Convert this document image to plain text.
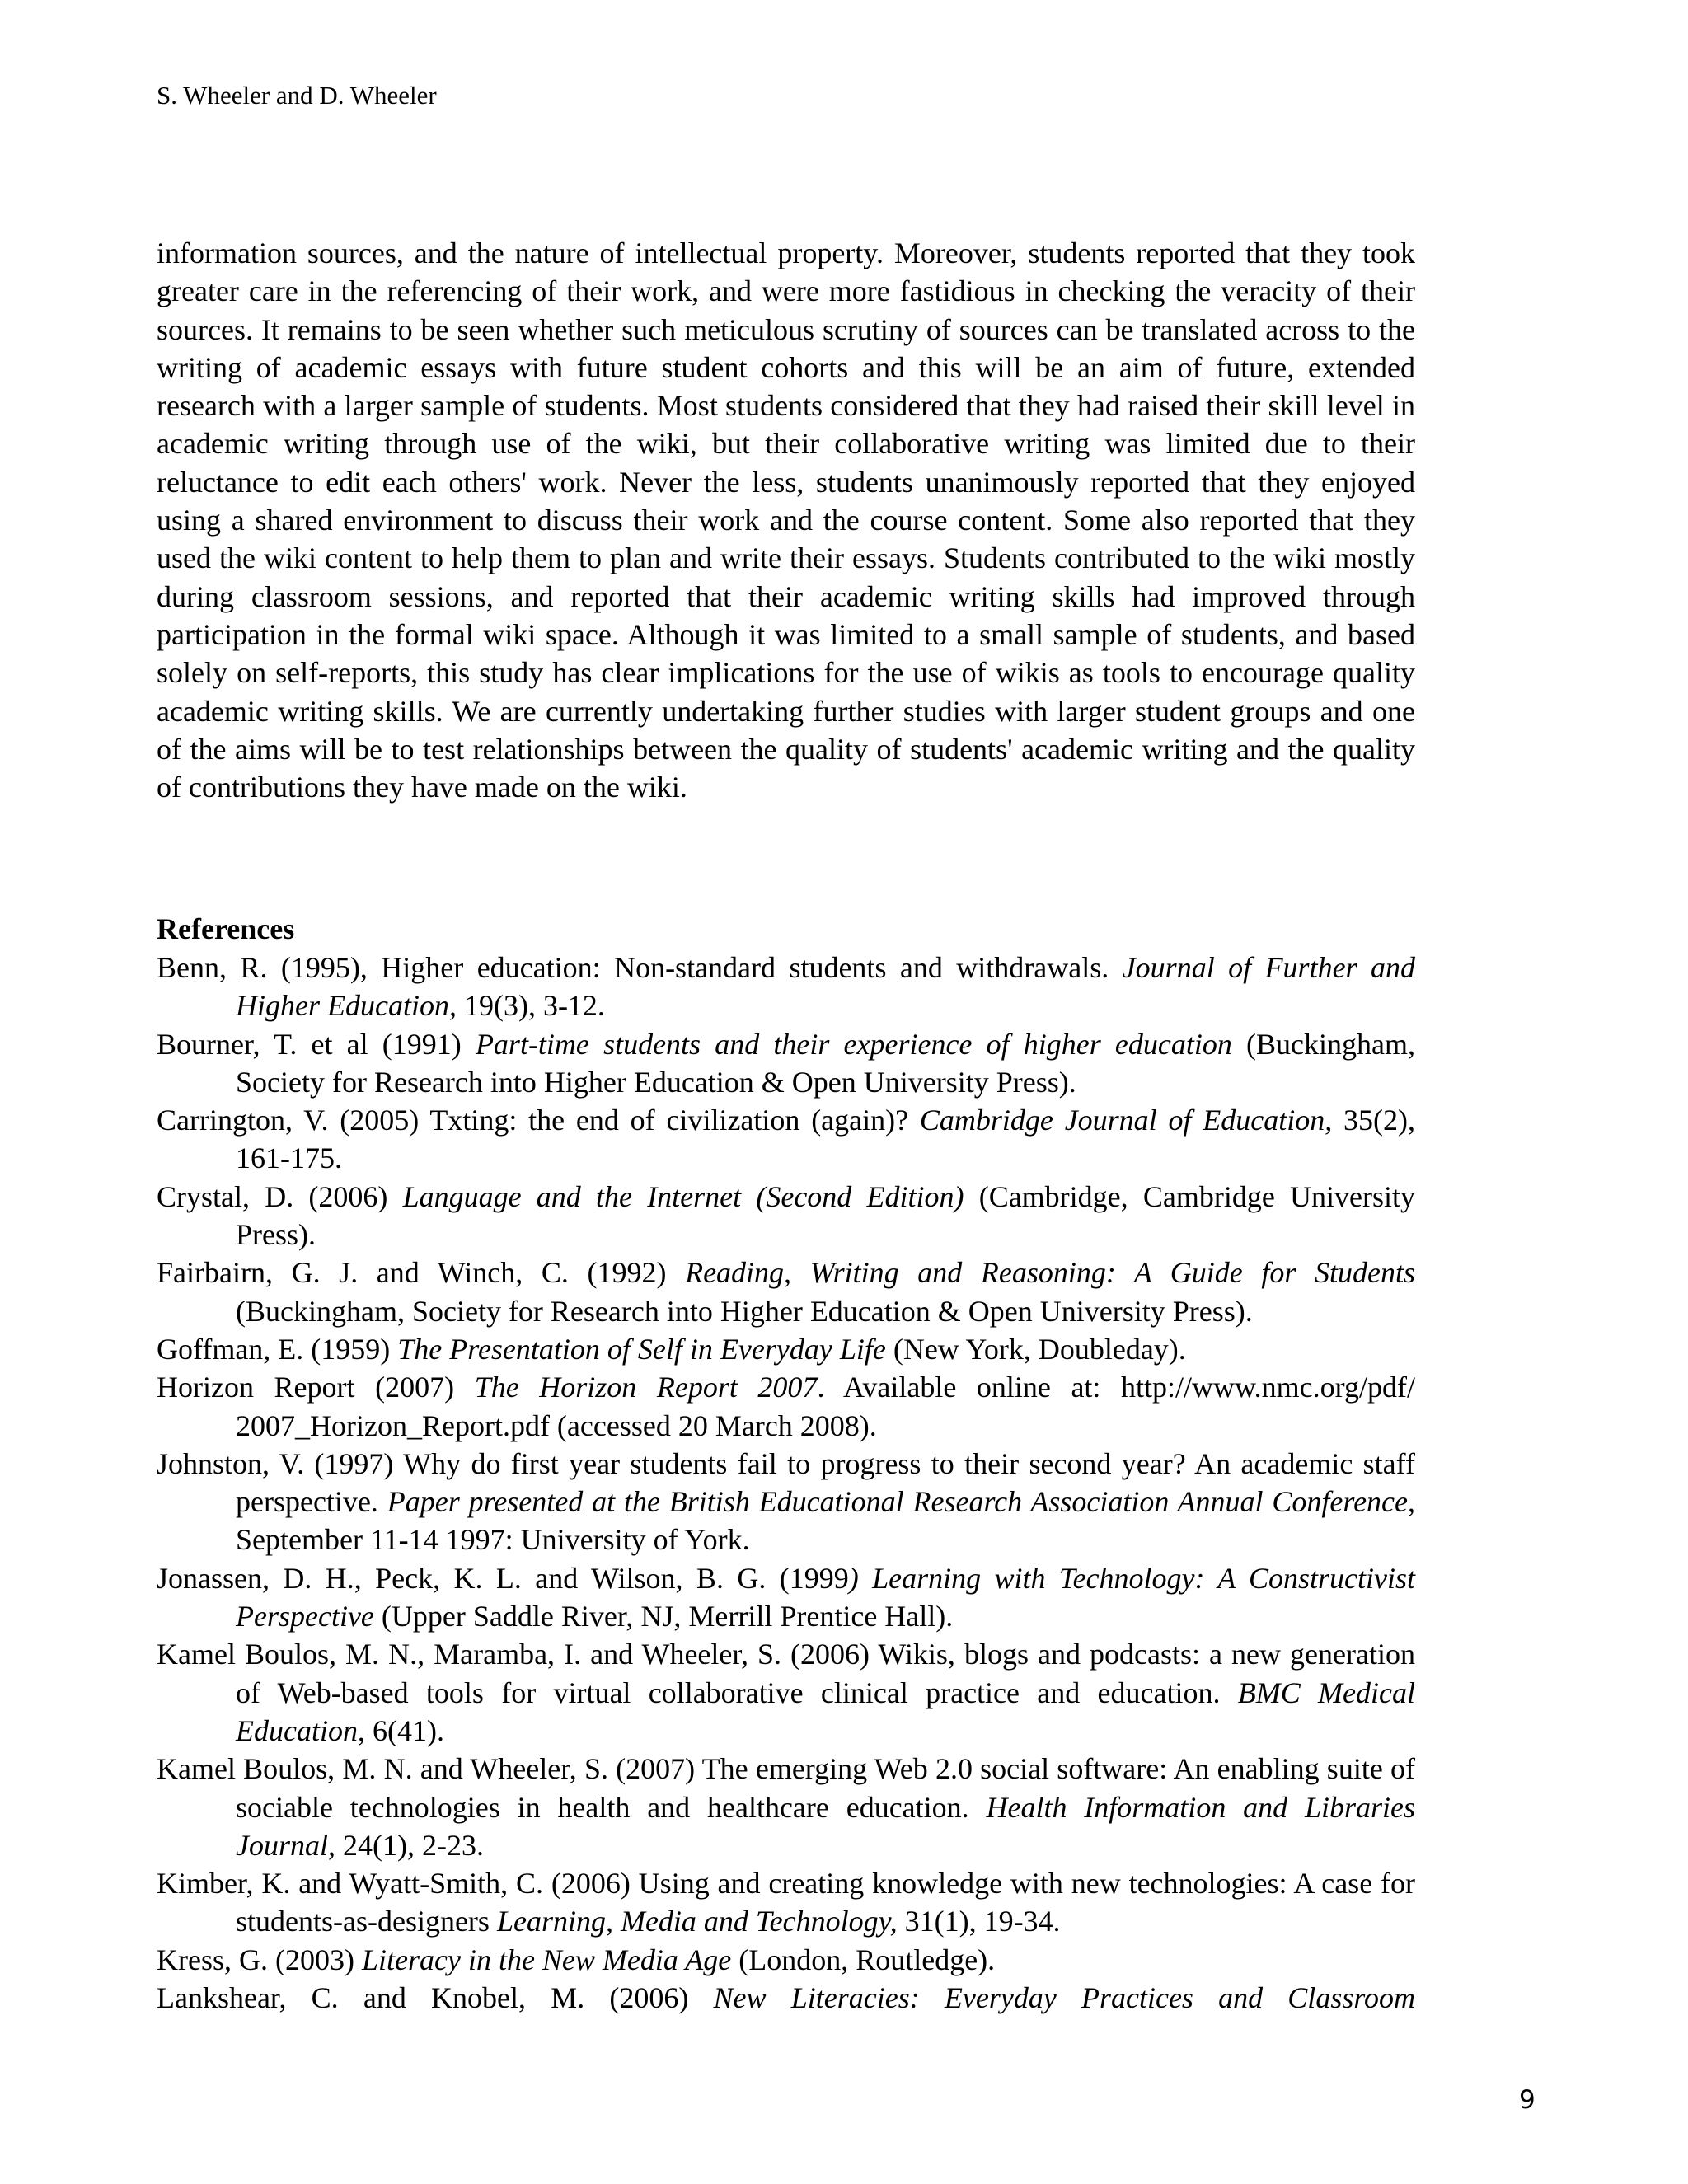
S. Wheeler and D. Wheeler

information sources, and the nature of intellectual property. Moreover, students reported that they took greater care in the referencing of their work, and were more fastidious in checking the veracity of their sources. It remains to be seen whether such meticulous scrutiny of sources can be translated across to the writing of academic essays with future student cohorts and this will be an aim of future, extended research with a larger sample of students. Most students considered that they had raised their skill level in academic writing through use of the wiki, but their collaborative writing was limited due to their reluctance to edit each others' work. Never the less, students unanimously reported that they enjoyed using a shared environment to discuss their work and the course content. Some also reported that they used the wiki content to help them to plan and write their essays. Students contributed to the wiki mostly during classroom sessions, and reported that their academic writing skills had improved through participation in the formal wiki space. Although it was limited to a small sample of students, and based solely on self-reports, this study has clear implications for the use of wikis as tools to encourage quality academic writing skills. We are currently undertaking further studies with larger student groups and one of the aims will be to test relationships between the quality of students' academic writing and the quality of contributions they have made on the wiki.

References
Benn, R. (1995), Higher education: Non-standard students and withdrawals. Journal of Further and Higher Education, 19(3), 3-12.
Bourner, T. et al (1991) Part-time students and their experience of higher education (Buckingham, Society for Research into Higher Education & Open University Press).
Carrington, V. (2005) Txting: the end of civilization (again)? Cambridge Journal of Education, 35(2), 161-175.
Crystal, D. (2006) Language and the Internet (Second Edition) (Cambridge, Cambridge University Press).
Fairbairn, G. J. and Winch, C. (1992) Reading, Writing and Reasoning: A Guide for Students (Buckingham, Society for Research into Higher Education & Open University Press).
Goffman, E. (1959) The Presentation of Self in Everyday Life (New York, Doubleday).
Horizon Report (2007) The Horizon Report 2007. Available online at: http://www.nmc.org/pdf/ 2007_Horizon_Report.pdf (accessed 20 March 2008).
Johnston, V. (1997) Why do first year students fail to progress to their second year? An academic staff perspective. Paper presented at the British Educational Research Association Annual Conference, September 11-14 1997: University of York.
Jonassen, D. H., Peck, K. L. and Wilson, B. G. (1999) Learning with Technology: A Constructivist Perspective (Upper Saddle River, NJ, Merrill Prentice Hall).
Kamel Boulos, M. N., Maramba, I. and Wheeler, S. (2006) Wikis, blogs and podcasts: a new generation of Web-based tools for virtual collaborative clinical practice and education. BMC Medical Education, 6(41).
Kamel Boulos, M. N. and Wheeler, S. (2007) The emerging Web 2.0 social software: An enabling suite of sociable technologies in health and healthcare education. Health Information and Libraries Journal, 24(1), 2-23.
Kimber, K. and Wyatt-Smith, C. (2006) Using and creating knowledge with new technologies: A case for students-as-designers Learning, Media and Technology, 31(1), 19-34.
Kress, G. (2003) Literacy in the New Media Age (London, Routledge).
Lankshear, C. and Knobel, M. (2006) New Literacies: Everyday Practices and Classroom
9
